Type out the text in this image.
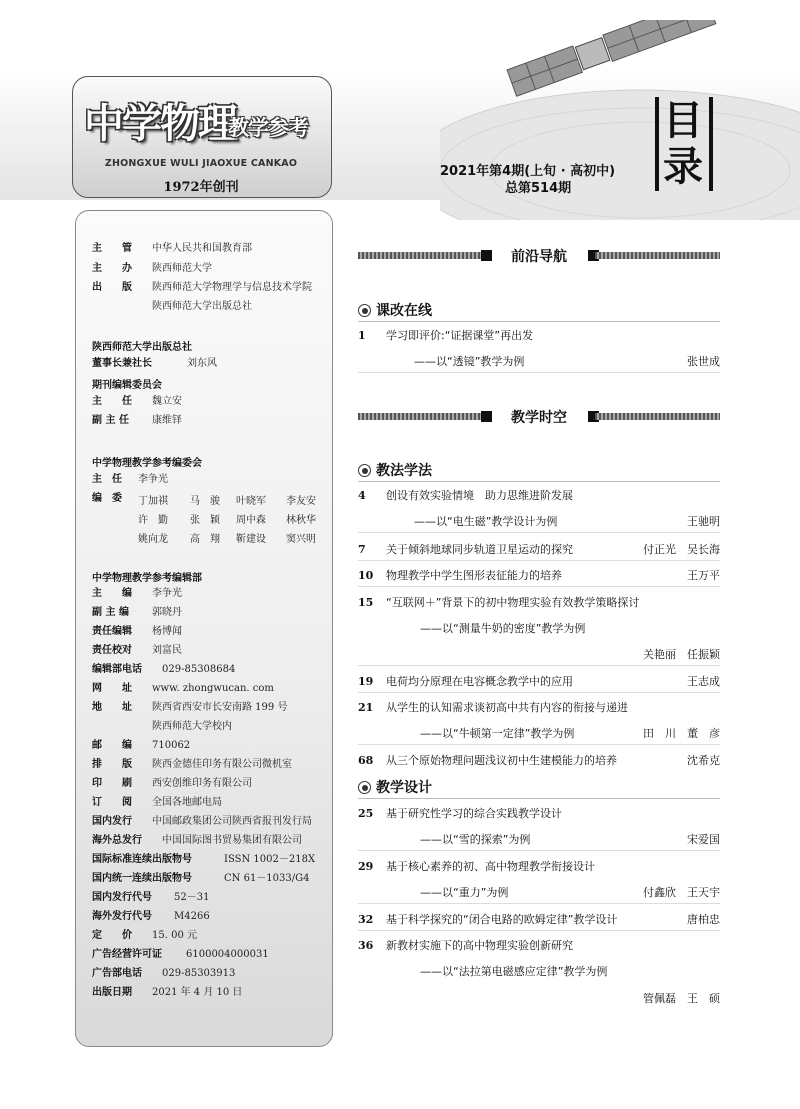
中学物理
教学参考
ZHONGXUE WULI JIAOXUE CANKAO
1972年创刊
2021年第4期(上旬 · 高初中)
总第514期
目录
主　　管 中华人民共和国教育部
主　　办 陕西师范大学
出　　版 陕西师范大学物理学与信息技术学院
陕西师范大学出版总社
陕西师范大学出版总社
董事长兼社长	刘东风
期刊编辑委员会
主　　任 魏立安
副 主 任 康维铎
中学物理教学参考编委会
主　任 李争光
编　委 丁加祺 马　骏 叶晓军 李友安
许　勤 张　颖 周中森 林秋华
姚向龙 高　翔 靳建设 窦兴明
中学物理教学参考编辑部
主　　编 李争光
副 主 编 郭晓丹
责任编辑 杨博闻
责任校对 刘富民
编辑部电话 029-85308684
网　　址 www. zhongwucan. com
地　　址 陕西省西安市长安南路 199 号
陕西师范大学校内
邮　　编 710062
排　　版 陕西金德佳印务有限公司微机室
印　　刷 西安创维印务有限公司
订　　阅 全国各地邮电局
国内发行 中国邮政集团公司陕西省报刊发行局
海外总发行 中国国际图书贸易集团有限公司
国际标准连续出版物号	ISSN 1002－218X
国内统一连续出版物号	CN 61－1033/G4
国内发行代号 52－31
海外发行代号 M4266
定　　价 15. 00 元
广告经营许可证 6100004000031
广告部电话 029-85303913
出版日期 2021 年 4 月 10 日
前沿导航
课改在线
1	学习即评价:“证据课堂”再出发
——以“透镜”教学为例	张世成
教学时空
教法学法
4	创设有效实验情境　助力思维进阶发展
——以“电生磁”教学设计为例	王驰明
7	关于倾斜地球同步轨道卫星运动的探究	付正光　吴长海
10	物理教学中学生图形表征能力的培养	王万平
15	“互联网＋”背景下的初中物理实验有效教学策略探讨
——以“测量牛奶的密度”教学为例
关艳丽　任振颖
19	电荷均分原理在电容概念教学中的应用	王志成
21	从学生的认知需求谈初高中共有内容的衔接与递进
——以“牛顿第一定律”教学为例	田　川　董　彦
68	从三个原始物理问题浅议初中生建模能力的培养	沈希克
教学设计
25	基于研究性学习的综合实践教学设计
——以“雪的探索”为例	宋爱国
29	基于核心素养的初、高中物理教学衔接设计
——以“重力”为例	付鑫欣　王天宇
32	基于科学探究的“闭合电路的欧姆定律”教学设计	唐柏忠
36	新教材实施下的高中物理实验创新研究
——以“法拉第电磁感应定律”教学为例
管佩磊　王　硕
